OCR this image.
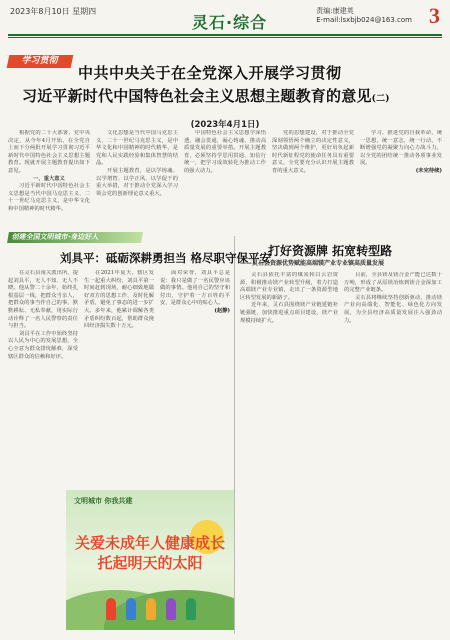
2023年8月10日 星期四
灵石·综合
责编:康建英
E-mail:lsxbjb024@163.com 3
学习贯彻
中共中央关于在全党深入开展学习贯彻
习近平新时代中国特色社会主义思想主题教育的意见(二)
(2023年4月1日)

根据党的二十大部署，党中央决定，从今年4月开始，在全党自上而下分两批开展学习贯彻习近平新时代中国特色社会主义思想主题教育。现就开展主题教育提出如下意见。

一、重大意义

习近平新时代中国特色社会主义思想是当代中国马克思主义、二十一世纪马克思主义，是中华文化和中国精神的时代精华。

文化思想是当代中国马克思主义、二十一世纪马克思主义，是中华文化和中国精神的时代精华，是党和人民实践经验和集体智慧的结晶。

开展主题教育，是以学铸魂、以学增智、以学正风、以学促干的重大举措，对于推动全党深入学习领会党的创新理论意义重大。

中国特色社会主义思想学深悟透、融会贯通，凝心铸魂、推动高质量发展的重要举措。开展主题教育，必须坚持学思用贯通、知信行统一，把学习成效转化为推动工作的强大动力。

党的思想建设，对于推动全党深刻领悟两个确立的决定性意义，坚决做到两个维护，更好肩负起新时代新征程党的使命任务具有重要意义，全党要充分认识开展主题教育的重大意义。

学习，推进党的自我革命，统一思想，统一意志，统一行动，不断增强党的凝聚力向心力战斗力，以全党的团结统一推动各项事业发展。

(未完待续)

创建全国文明城市·身边好人
刘具平：砥砺深耕勇担当 格尽职守保平安

在灵石县南关派出所，提起刘具平，无人不知、无人不晓。他从警二十余年，始终扎根基层一线，把群众当亲人，把群众的事当作自己的事，默默耕耘、无私奉献，用实际行动诠释了一名人民警察的责任与担当。

刘具平在工作中始终坚持以人民为中心的发展思想，全心全意为群众排忧解难，深受辖区群众的信赖和好评。

在2021年夏天，辖区发生一起重大纠纷，刘具平第一时间赶到现场，耐心细致地做好双方的思想工作，及时化解矛盾，避免了事态的进一步扩大。多年来，他累计调解各类矛盾纠纷数百起，帮助群众挽回经济损失数十万元。

面对荣誉，刘具平总是说：我只是做了一名民警应该做的事情。他用自己的坚守和付出，守护着一方百姓的平安，是群众心中的贴心人。

(赵静)

打好资源牌 拓宽转型路
——灵石县资源优势赋能高端镁产业专业镇高质量发展

灵石县依托丰富的煤炭和白云岩资源，积极推动镁产业转型升级，着力打造高端镁产业专业镇，走出了一条资源型地区转型发展的新路子。

近年来，灵石县围绕镁产业链延链补链强链，加快推进重点项目建设，镁产业规模持续扩大。

目前，全县镁及镁合金产能已达数十万吨，形成了从原镁冶炼到镁合金深加工的完整产业链条。

灵石县将继续坚持创新驱动，推动镁产业向高端化、智能化、绿色化方向发展，为全县经济高质量发展注入强劲动力。

文明城市 你我共建
关爱未成年人健康成长
托起明天的太阳
